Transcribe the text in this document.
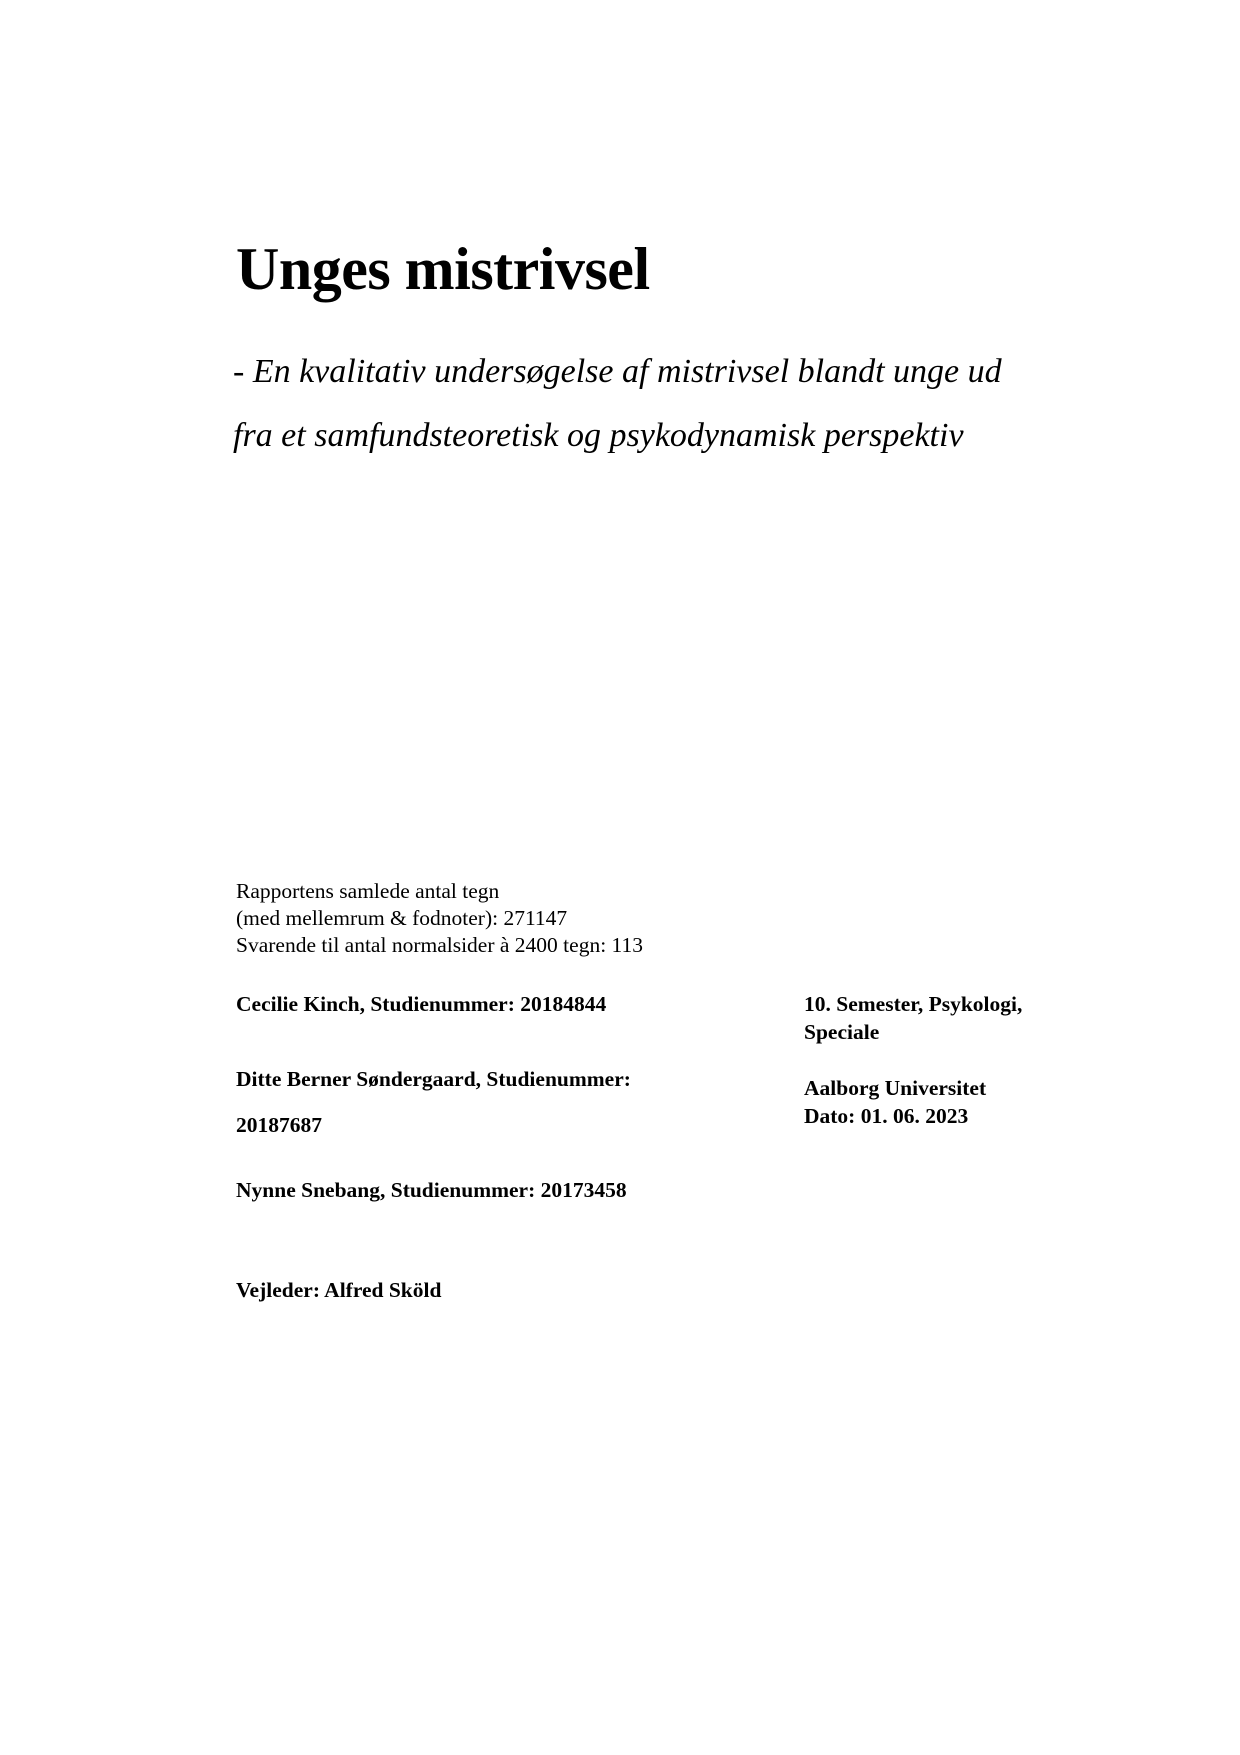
Unges mistrivsel
- En kvalitativ undersøgelse af mistrivsel blandt unge ud
fra et samfundsteoretisk og psykodynamisk perspektiv
Rapportens samlede antal tegn
(med mellemrum & fodnoter): 271147
Svarende til antal normalsider à 2400 tegn: 113
Cecilie Kinch, Studienummer: 20184844
Ditte Berner Søndergaard, Studienummer: 20187687
Nynne Snebang, Studienummer: 20173458
Vejleder: Alfred Sköld
10. Semester, Psykologi,
Speciale
Aalborg Universitet
Dato: 01. 06. 2023
